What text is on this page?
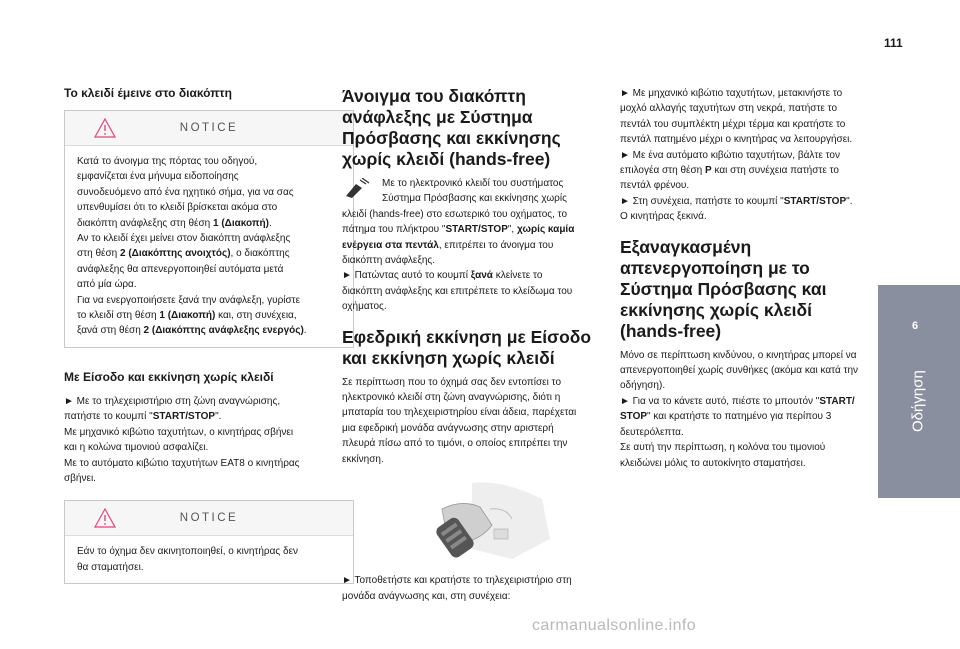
111
6
Οδήγηση
Το κλειδί έμεινε στο διακόπτη
NOTICE

Κατά το άνοιγμα της πόρτας του οδηγού,

εμφανίζεται ένα μήνυμα ειδοποίησης

συνοδευόμενο από ένα ηχητικό σήμα, για να σας

υπενθυμίσει ότι το κλειδί βρίσκεται ακόμα στο

διακόπτη ανάφλεξης στη θέση 1 (Διακοπή).

Αν το κλειδί έχει μείνει στον διακόπτη ανάφλεξης

στη θέση 2 (Διακόπτης ανοιχτός), ο διακόπτης

ανάφλεξης θα απενεργοποιηθεί αυτόματα μετά

από μία ώρα.

Για να ενεργοποιήσετε ξανά την ανάφλεξη, γυρίστε

το κλειδί στη θέση 1 (Διακοπή) και, στη συνέχεια,

ξανά στη θέση 2 (Διακόπτης ανάφλεξης ενεργός).

Με Είσοδο και εκκίνηση χωρίς κλειδί

► Με το τηλεχειριστήριο στη ζώνη αναγνώρισης,

πατήστε το κουμπί "START/STOP".

Με μηχανικό κιβώτιο ταχυτήτων, ο κινητήρας σβήνει

και η κολώνα τιμονιού ασφαλίζει.

Με το αυτόματο κιβώτιο ταχυτήτων EAT8 ο κινητήρας

σβήνει.

NOTICE

Εάν το όχημα δεν ακινητοποιηθεί, ο κινητήρας δεν

θα σταματήσει.

Άνοιγμα του διακόπτη ανάφλεξης με Σύστημα Πρόσβασης και εκκίνησης χωρίς κλειδί (hands-free)

Με το ηλεκτρονικό κλειδί του συστήματος

Σύστημα Πρόσβασης και εκκίνησης χωρίς

κλειδί (hands-free) στο εσωτερικό του οχήματος, το

πάτημα του πλήκτρου "START/STOP", χωρίς καμία

ενέργεια στα πεντάλ, επιτρέπει το άνοιγμα του

διακόπτη ανάφλεξης.

► Πατώντας αυτό το κουμπί ξανά κλείνετε το

διακόπτη ανάφλεξης και επιτρέπετε το κλείδωμα του

οχήματος.

Εφεδρική εκκίνηση με Είσοδο και εκκίνηση χωρίς κλειδί

Σε περίπτωση που το όχημά σας δεν εντοπίσει το

ηλεκτρονικό κλειδί στη ζώνη αναγνώρισης, διότι η

μπαταρία του τηλεχειριστηρίου είναι άδεια, παρέχεται

μια εφεδρική μονάδα ανάγνωσης στην αριστερή

πλευρά πίσω από το τιμόνι, ο οποίος επιτρέπει την

εκκίνηση.

► Τοποθετήστε και κρατήστε το τηλεχειριστήριο στη

μονάδα ανάγνωσης και, στη συνέχεια:

► Με μηχανικό κιβώτιο ταχυτήτων, μετακινήστε το

μοχλό αλλαγής ταχυτήτων στη νεκρά, πατήστε το

πεντάλ του συμπλέκτη μέχρι τέρμα και κρατήστε το

πεντάλ πατημένο μέχρι ο κινητήρας να λειτουργήσει.

► Με ένα αυτόματο κιβώτιο ταχυτήτων, βάλτε τον

επιλογέα στη θέση P και στη συνέχεια πατήστε το

πεντάλ φρένου.

► Στη συνέχεια, πατήστε το κουμπί "START/STOP".

Ο κινητήρας ξεκινά.

Εξαναγκασμένη απενεργοποίηση με το Σύστημα Πρόσβασης και εκκίνησης χωρίς κλειδί (hands-free)

Μόνο σε περίπτωση κινδύνου, ο κινητήρας μπορεί να

απενεργοποιηθεί χωρίς συνθήκες (ακόμα και κατά την

οδήγηση).

► Για να το κάνετε αυτό, πιέστε το μπουτόν "START/

STOP" και κρατήστε το πατημένο για περίπου 3

δευτερόλεπτα.

Σε αυτή την περίπτωση, η κολόνα του τιμονιού

κλειδώνει μόλις το αυτοκίνητο σταματήσει.

carmanualsonline.info
